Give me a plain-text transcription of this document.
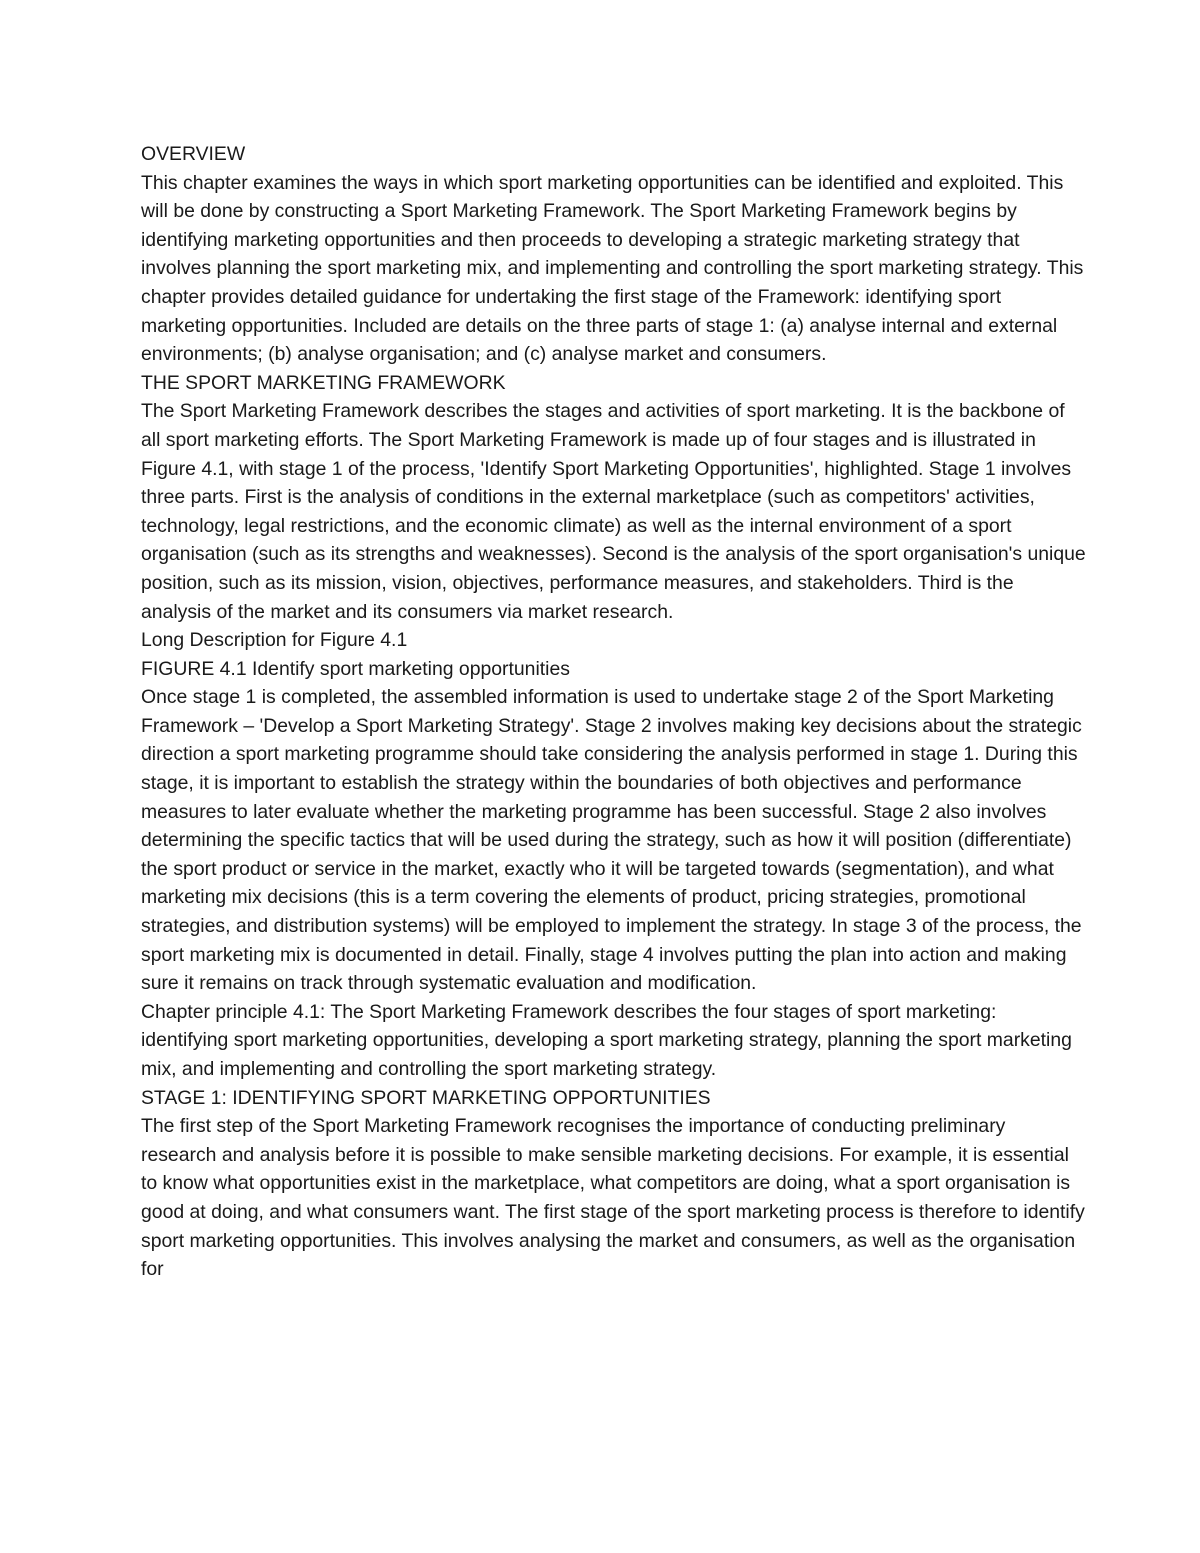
OVERVIEW

This chapter examines the ways in which sport marketing opportunities can be identified and exploited. This will be done by constructing a Sport Marketing Framework. The Sport Marketing Framework begins by identifying marketing opportunities and then proceeds to developing a strategic marketing strategy that involves planning the sport marketing mix, and implementing and controlling the sport marketing strategy. This chapter provides detailed guidance for undertaking the first stage of the Framework: identifying sport marketing opportunities. Included are details on the three parts of stage 1: (a) analyse internal and external environments; (b) analyse organisation; and (c) analyse market and consumers.

THE SPORT MARKETING FRAMEWORK

The Sport Marketing Framework describes the stages and activities of sport marketing. It is the backbone of all sport marketing efforts. The Sport Marketing Framework is made up of four stages and is illustrated in Figure 4.1, with stage 1 of the process, 'Identify Sport Marketing Opportunities', highlighted. Stage 1 involves three parts. First is the analysis of conditions in the external marketplace (such as competitors' activities, technology, legal restrictions, and the economic climate) as well as the internal environment of a sport organisation (such as its strengths and weaknesses). Second is the analysis of the sport organisation's unique position, such as its mission, vision, objectives, performance measures, and stakeholders. Third is the analysis of the market and its consumers via market research.

Long Description for Figure 4.1

FIGURE 4.1 Identify sport marketing opportunities

Once stage 1 is completed, the assembled information is used to undertake stage 2 of the Sport Marketing Framework – 'Develop a Sport Marketing Strategy'. Stage 2 involves making key decisions about the strategic direction a sport marketing programme should take considering the analysis performed in stage 1. During this stage, it is important to establish the strategy within the boundaries of both objectives and performance measures to later evaluate whether the marketing programme has been successful. Stage 2 also involves determining the specific tactics that will be used during the strategy, such as how it will position (differentiate) the sport product or service in the market, exactly who it will be targeted towards (segmentation), and what marketing mix decisions (this is a term covering the elements of product, pricing strategies, promotional strategies, and distribution systems) will be employed to implement the strategy. In stage 3 of the process, the sport marketing mix is documented in detail. Finally, stage 4 involves putting the plan into action and making sure it remains on track through systematic evaluation and modification.

Chapter principle 4.1: The Sport Marketing Framework describes the four stages of sport marketing: identifying sport marketing opportunities, developing a sport marketing strategy, planning the sport marketing mix, and implementing and controlling the sport marketing strategy.

STAGE 1: IDENTIFYING SPORT MARKETING OPPORTUNITIES

The first step of the Sport Marketing Framework recognises the importance of conducting preliminary research and analysis before it is possible to make sensible marketing decisions. For example, it is essential to know what opportunities exist in the marketplace, what competitors are doing, what a sport organisation is good at doing, and what consumers want. The first stage of the sport marketing process is therefore to identify sport marketing opportunities. This involves analysing the market and consumers, as well as the organisation for
